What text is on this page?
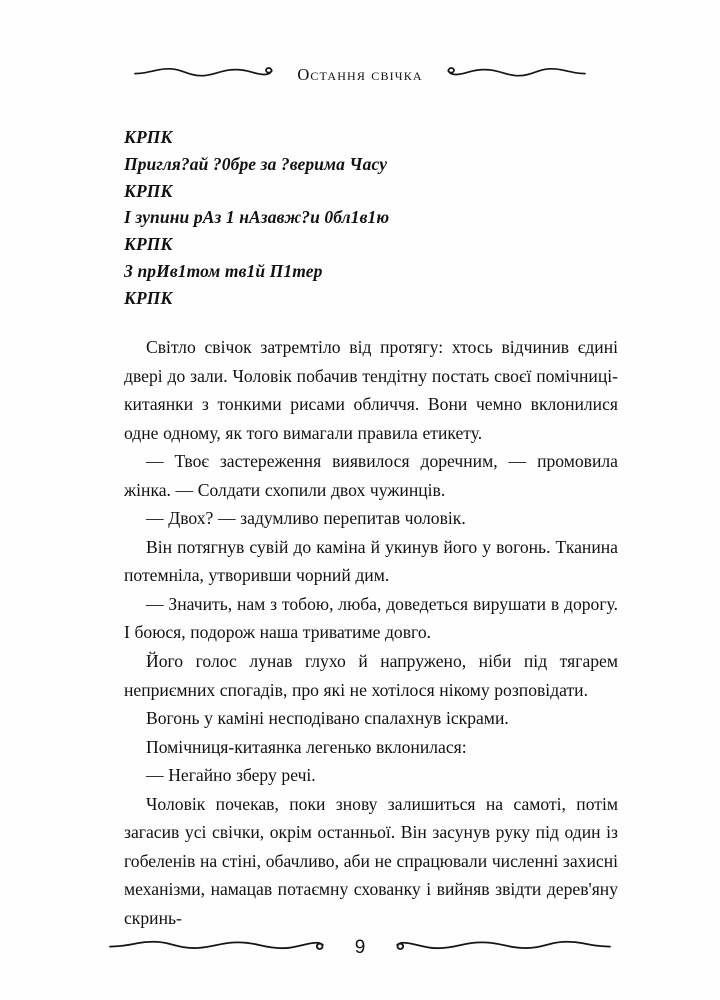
Остання свічка
КРПК
Пригля?ай ?0бре за ?верима Часу
КРПК
І зупини рАз 1 нАзавж?и 0бл1в1ю
КРПК
З прИв1том тв1й П1тер
КРПК

Світло свічок затремтіло від протягу: хтось відчинив єдині двері до зали. Чоловік побачив тендітну постать своєї помічниці-китаянки з тонкими рисами обличчя. Вони чемно вклонилися одне одному, як того вимагали правила етикету.

— Твоє застереження виявилося доречним, — промовила жінка. — Солдати схопили двох чужинців.

— Двох? — задумливо перепитав чоловік.

Він потягнув сувій до каміна й укинув його у вогонь. Тканина потемніла, утворивши чорний дим.

— Значить, нам з тобою, люба, доведеться вирушати в дорогу. І боюся, подорож наша триватиме довго.

Його голос лунав глухо й напружено, ніби під тягарем неприємних спогадів, про які не хотілося нікому розповідати.

Вогонь у каміні несподівано спалахнув іскрами.

Помічниця-китаянка легенько вклонилася:

— Негайно зберу речі.

Чоловік почекав, поки знову залишиться на самоті, потім загасив усі свічки, окрім останньої. Він засунув руку під один із гобеленів на стіні, обачливо, аби не спрацювали численні захисні механізми, намацав потаємну схованку і вийняв звідти дерев'яну скринь-

9
